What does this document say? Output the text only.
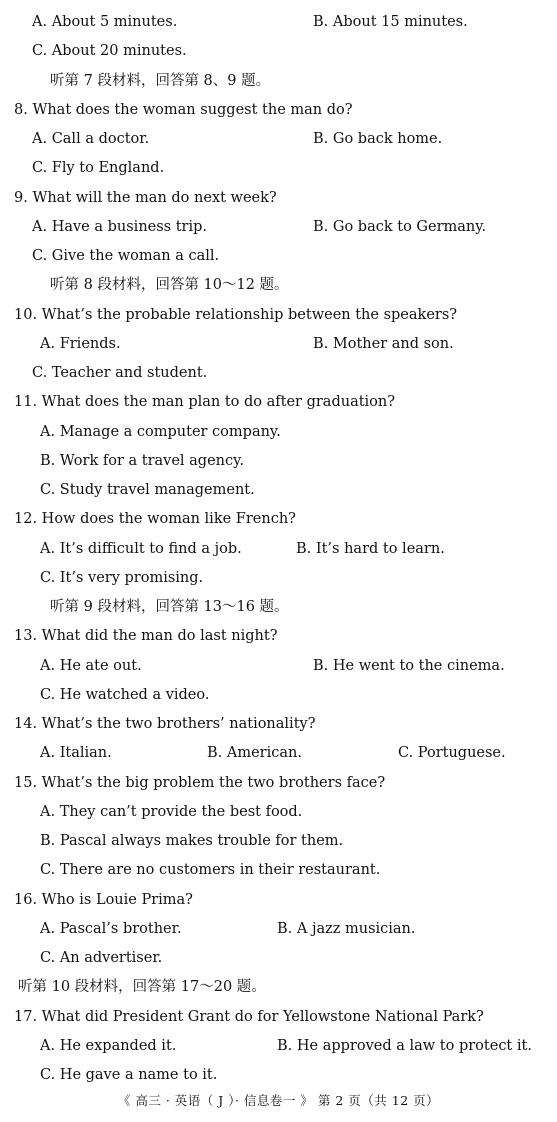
A. About 5 minutes.	B. About 15 minutes.
C. About 20 minutes.
听第 7 段材料，回答第 8、9 题。
8. What does the woman suggest the man do?
A. Call a doctor.	B. Go back home.
C. Fly to England.
9. What will the man do next week?
A. Have a business trip.	B. Go back to Germany.
C. Give the woman a call.
听第 8 段材料，回答第 10～12 题。
10. What’s the probable relationship between the speakers?
A. Friends.	B. Mother and son.
C. Teacher and student.
11. What does the man plan to do after graduation?
A. Manage a computer company.
B. Work for a travel agency.
C. Study travel management.
12. How does the woman like French?
A. It’s difficult to find a job.	B. It’s hard to learn.
C. It’s very promising.
听第 9 段材料，回答第 13～16 题。
13. What did the man do last night?
A. He ate out.	B. He went to the cinema.
C. He watched a video.
14. What’s the two brothers’ nationality?
A. Italian.	B. American.	C. Portuguese.
15. What’s the big problem the two brothers face?
A. They can’t provide the best food.
B. Pascal always makes trouble for them.
C. There are no customers in their restaurant.
16. Who is Louie Prima?
A. Pascal’s brother.	B. A jazz musician.
C. An advertiser.
听第 10 段材料，回答第 17～20 题。
17. What did President Grant do for Yellowstone National Park?
A. He expanded it.	B. He approved a law to protect it.
C. He gave a name to it.
《 高三 · 英语（ J ）· 信息卷一 》 第 2 页（共 12 页）
